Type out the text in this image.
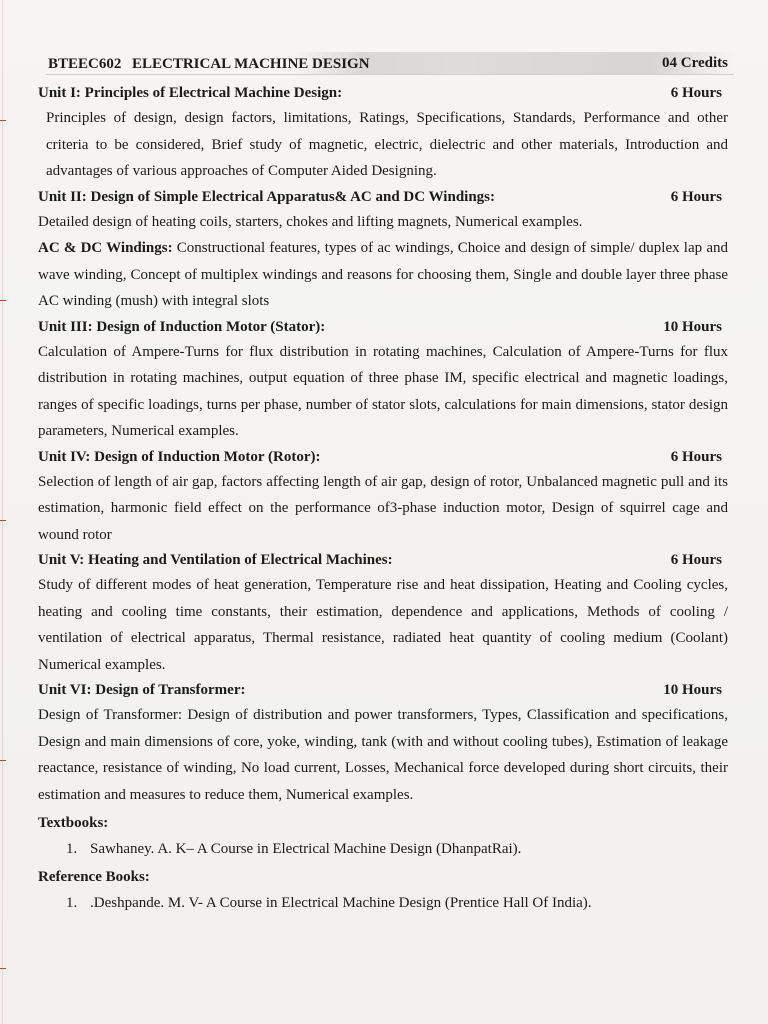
BTEEC602 ELECTRICAL MACHINE DESIGN	04 Credits
Unit I: Principles of Electrical Machine Design:	6 Hours

Principles of design, design factors, limitations, Ratings, Specifications, Standards, Performance and other criteria to be considered, Brief study of magnetic, electric, dielectric and other materials, Introduction and advantages of various approaches of Computer Aided Designing.

Unit II: Design of Simple Electrical Apparatus& AC and DC Windings:	6 Hours

Detailed design of heating coils, starters, chokes and lifting magnets, Numerical examples.

AC & DC Windings: Constructional features, types of ac windings, Choice and design of simple/ duplex lap and wave winding, Concept of multiplex windings and reasons for choosing them, Single and double layer three phase AC winding (mush) with integral slots

Unit III: Design of Induction Motor (Stator):	10 Hours

Calculation of Ampere-Turns for flux distribution in rotating machines, Calculation of Ampere-Turns for flux distribution in rotating machines, output equation of three phase IM, specific electrical and magnetic loadings, ranges of specific loadings, turns per phase, number of stator slots, calculations for main dimensions, stator design parameters, Numerical examples.

Unit IV: Design of Induction Motor (Rotor):	6 Hours

Selection of length of air gap, factors affecting length of air gap, design of rotor, Unbalanced magnetic pull and its estimation, harmonic field effect on the performance of3-phase induction motor, Design of squirrel cage and wound rotor

Unit V: Heating and Ventilation of Electrical Machines:	6 Hours

Study of different modes of heat generation, Temperature rise and heat dissipation, Heating and Cooling cycles, heating and cooling time constants, their estimation, dependence and applications, Methods of cooling / ventilation of electrical apparatus, Thermal resistance, radiated heat quantity of cooling medium (Coolant) Numerical examples.

Unit VI: Design of Transformer:	10 Hours

Design of Transformer: Design of distribution and power transformers, Types, Classification and specifications, Design and main dimensions of core, yoke, winding, tank (with and without cooling tubes), Estimation of leakage reactance, resistance of winding, No load current, Losses, Mechanical force developed during short circuits, their estimation and measures to reduce them, Numerical examples.

Textbooks:
1. Sawhaney. A. K– A Course in Electrical Machine Design (DhanpatRai).
Reference Books:
1. .Deshpande. M. V- A Course in Electrical Machine Design (Prentice Hall Of India).
